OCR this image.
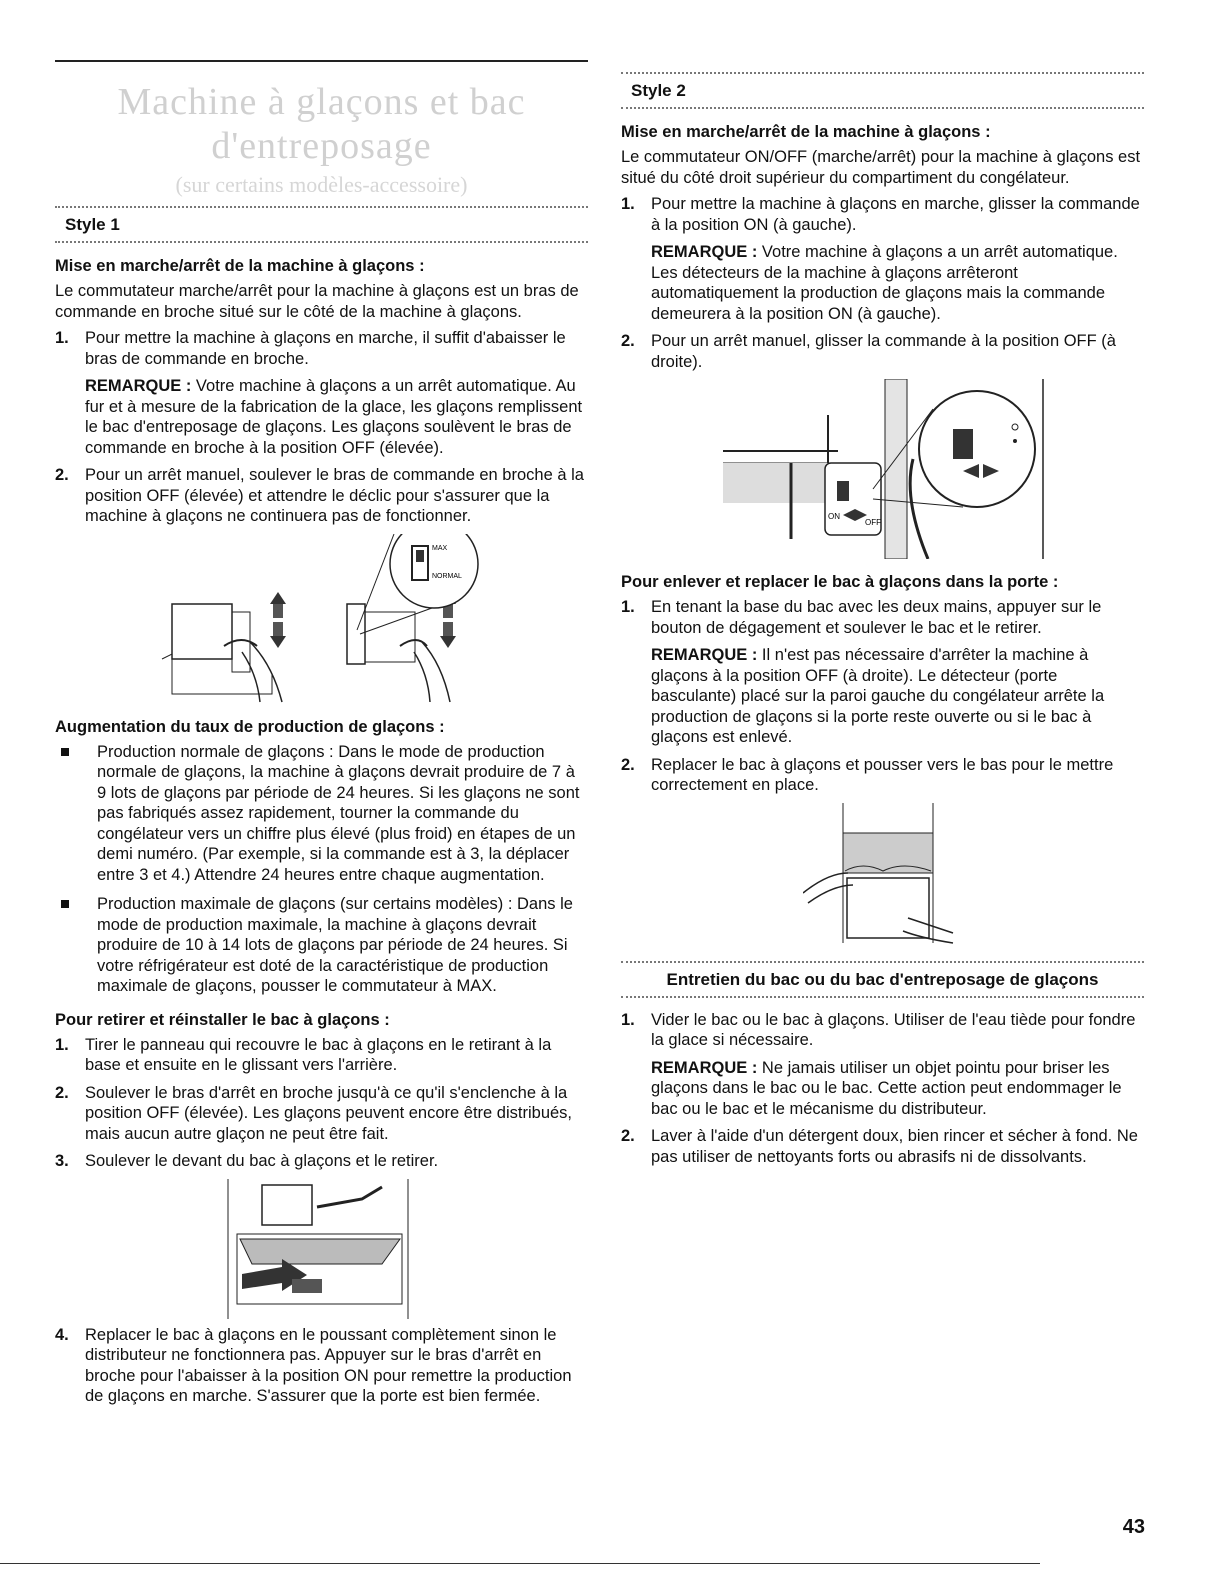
Machine à glaçons et bac d'entreposage
(sur certains modèles-accessoire)
Style 1
Mise en marche/arrêt de la machine à glaçons :

Le commutateur marche/arrêt pour la machine à glaçons est un bras de commande en broche situé sur le côté de la machine à glaçons.

1. Pour mettre la machine à glaçons en marche, il suffit d'abaisser le bras de commande en broche.
REMARQUE : Votre machine à glaçons a un arrêt automatique. Au fur et à mesure de la fabrication de la glace, les glaçons remplissent le bac d'entreposage de glaçons. Les glaçons soulèvent le bras de commande en broche à la position OFF (élevée).
2. Pour un arrêt manuel, soulever le bras de commande en broche à la position OFF (élevée) et attendre le déclic pour s'assurer que la machine à glaçons ne continuera pas de fonctionner.
MAX
NORMAL
Augmentation du taux de production de glaçons :
Production normale de glaçons : Dans le mode de production normale de glaçons, la machine à glaçons devrait produire de 7 à 9 lots de glaçons par période de 24 heures. Si les glaçons ne sont pas fabriqués assez rapidement, tourner la commande du congélateur vers un chiffre plus élevé (plus froid) en étapes de un demi numéro. (Par exemple, si la commande est à 3, la déplacer entre 3 et 4.) Attendre 24 heures entre chaque augmentation.
Production maximale de glaçons (sur certains modèles) : Dans le mode de production maximale, la machine à glaçons devrait produire de 10 à 14 lots de glaçons par période de 24 heures. Si votre réfrigérateur est doté de la caractéristique de production maximale de glaçons, pousser le commutateur à MAX.
Pour retirer et réinstaller le bac à glaçons :
1. Tirer le panneau qui recouvre le bac à glaçons en le retirant à la base et ensuite en le glissant vers l'arrière.
2. Soulever le bras d'arrêt en broche jusqu'à ce qu'il s'enclenche à la position OFF (élevée). Les glaçons peuvent encore être distribués, mais aucun autre glaçon ne peut être fait.
3. Soulever le devant du bac à glaçons et le retirer.
4. Replacer le bac à glaçons en le poussant complètement sinon le distributeur ne fonctionnera pas. Appuyer sur le bras d'arrêt en broche pour l'abaisser à la position ON pour remettre la production de glaçons en marche. S'assurer que la porte est bien fermée.
Style 2
Mise en marche/arrêt de la machine à glaçons :

Le commutateur ON/OFF (marche/arrêt) pour la machine à glaçons est situé du côté droit supérieur du compartiment du congélateur.

1. Pour mettre la machine à glaçons en marche, glisser la commande à la position ON (à gauche).
REMARQUE : Votre machine à glaçons a un arrêt automatique. Les détecteurs de la machine à glaçons arrêteront automatiquement la production de glaçons mais la commande demeurera à la position ON (à gauche).
2. Pour un arrêt manuel, glisser la commande à la position OFF (à droite).
ON
OFF
Pour enlever et replacer le bac à glaçons dans la porte :
1. En tenant la base du bac avec les deux mains, appuyer sur le bouton de dégagement et soulever le bac et le retirer.
REMARQUE : Il n'est pas nécessaire d'arrêter la machine à glaçons à la position OFF (à droite). Le détecteur (porte basculante) placé sur la paroi gauche du congélateur arrête la production de glaçons si la porte reste ouverte ou si le bac à glaçons est enlevé.
2. Replacer le bac à glaçons et pousser vers le bas pour le mettre correctement en place.
Entretien du bac ou du bac d'entreposage de glaçons
1. Vider le bac ou le bac à glaçons. Utiliser de l'eau tiède pour fondre la glace si nécessaire.
REMARQUE : Ne jamais utiliser un objet pointu pour briser les glaçons dans le bac ou le bac. Cette action peut endommager le bac ou le bac et le mécanisme du distributeur.
2. Laver à l'aide d'un détergent doux, bien rincer et sécher à fond. Ne pas utiliser de nettoyants forts ou abrasifs ni de dissolvants.
43
